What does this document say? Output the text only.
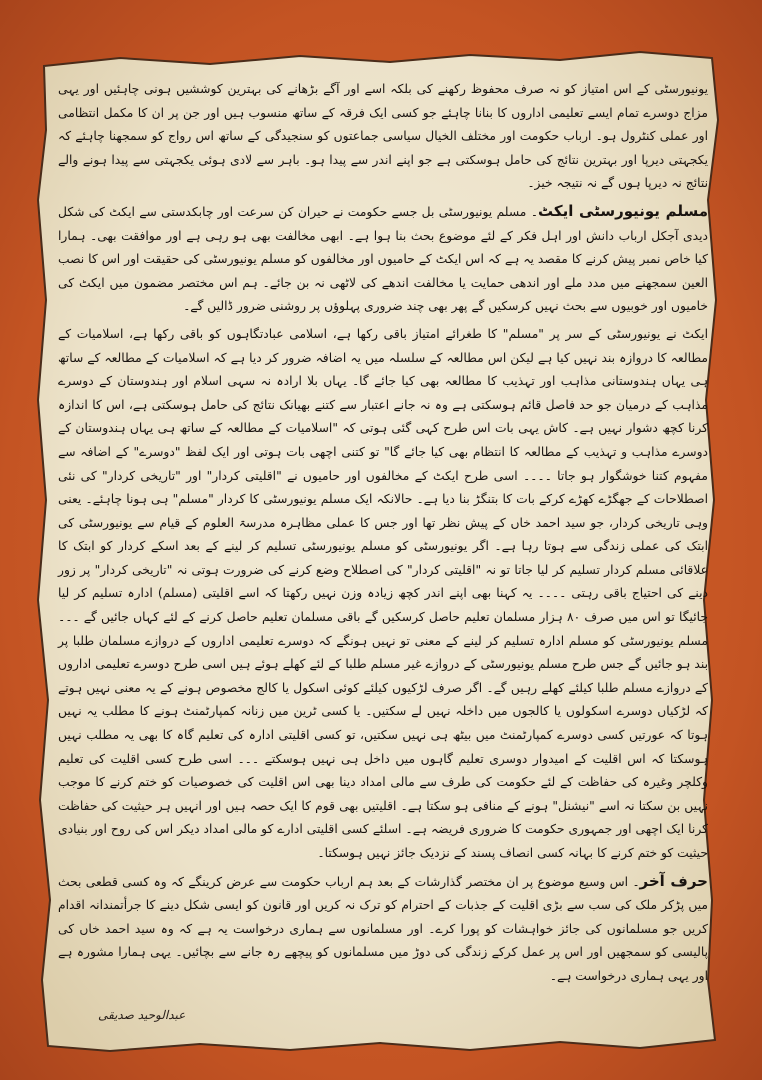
یونیورسٹی کے اس امتیاز کو نہ صرف محفوظ رکھنے کی بلکہ اسے اور آگے بڑھانے کی بہترین کوششیں ہونی چاہئیں اور یہی مزاج دوسرے تمام ایسے تعلیمی اداروں کا بنانا چاہئے جو کسی ایک فرقہ کے ساتھ منسوب ہیں اور جن پر ان کا مکمل انتظامی اور عملی کنٹرول ہو۔ ارباب حکومت اور مختلف الخیال سیاسی جماعتوں کو سنجیدگی کے ساتھ اس رواج کو سمجھنا چاہئے کہ یکجہتی دیرپا اور بہترین نتائج کی حامل ہوسکتی ہے جو اپنے اندر سے پیدا ہو۔ باہر سے لادی ہوئی یکجہتی سے پیدا ہونے والے نتائج نہ دیرپا ہوں گے نہ نتیجہ خیز۔

مسلم یونیورسٹی ایکٹ۔ مسلم یونیورسٹی بل جسے حکومت نے حیران کن سرعت اور چابکدستی سے ایکٹ کی شکل دیدی آجکل ارباب دانش اور اہل فکر کے لئے موضوع بحث بنا ہوا ہے۔ ابھی مخالفت بھی ہو رہی ہے اور موافقت بھی۔ ہمارا کیا خاص نمبر پیش کرنے کا مقصد یہ ہے کہ اس ایکٹ کے حامیوں اور مخالفوں کو مسلم یونیورسٹی کی حقیقت اور اس کا نصب العین سمجھنے میں مدد ملے اور اندھی حمایت یا مخالفت اندھے کی لاٹھی نہ بن جائے۔ ہم اس مختصر مضمون میں ایکٹ کی خامیوں اور خوبیوں سے بحث نہیں کرسکیں گے پھر بھی چند ضروری پہلوؤں پر روشنی ضرور ڈالیں گے۔

ایکٹ نے یونیورسٹی کے سر پر "مسلم" کا طغرائے امتیاز باقی رکھا ہے، اسلامی عبادتگاہوں کو باقی رکھا ہے، اسلامیات کے مطالعہ کا دروازہ بند نہیں کیا ہے لیکن اس مطالعہ کے سلسلہ میں یہ اضافہ ضرور کر دیا ہے کہ اسلامیات کے مطالعہ کے ساتھ ہی یہاں ہندوستانی مذاہب اور تہذیب کا مطالعہ بھی کیا جائے گا۔ یہاں بلا ارادہ نہ سہی اسلام اور ہندوستان کے دوسرے مذاہب کے درمیان جو حد فاصل قائم ہوسکتی ہے وہ نہ جانے اعتبار سے کتنے بھیانک نتائج کی حامل ہوسکتی ہے، اس کا اندازہ کرنا کچھ دشوار نہیں ہے۔ کاش یہی بات اس طرح کہی گئی ہوتی کہ "اسلامیات کے مطالعہ کے ساتھ ہی یہاں ہندوستان کے دوسرے مذاہب و تہذیب کے مطالعہ کا انتظام بھی کیا جائے گا" تو کتنی اچھی بات ہوتی اور ایک لفظ "دوسرے" کے اضافہ سے مفہوم کتنا خوشگوار ہو جاتا ۔۔۔۔ اسی طرح ایکٹ کے مخالفوں اور حامیوں نے "اقلیتی کردار" اور "تاریخی کردار" کی نئی اصطلاحات کے جھگڑے کھڑے کرکے بات کا بتنگڑ بنا دیا ہے۔ حالانکہ ایک مسلم یونیورسٹی کا کردار "مسلم" ہی ہونا چاہئے۔ یعنی وہی تاریخی کردار، جو سید احمد خاں کے پیش نظر تھا اور جس کا عملی مظاہرہ مدرسۃ العلوم کے قیام سے یونیورسٹی کی ابتک کی عملی زندگی سے ہوتا رہا ہے۔ اگر یونیورسٹی کو مسلم یونیورسٹی تسلیم کر لینے کے بعد اسکے کردار کو ابتک کا علاقائی مسلم کردار تسلیم کر لیا جاتا تو نہ "اقلیتی کردار" کی اصطلاح وضع کرنے کی ضرورت ہوتی نہ "تاریخی کردار" پر زور دینے کی احتیاج باقی رہتی ۔۔۔۔ یہ کہنا بھی اپنے اندر کچھ زیادہ وزن نہیں رکھتا کہ اسے اقلیتی (مسلم) ادارہ تسلیم کر لیا جائیگا تو اس میں صرف ۸۰ ہزار مسلمان تعلیم حاصل کرسکیں گے باقی مسلمان تعلیم حاصل کرنے کے لئے کہاں جائیں گے ۔۔۔ مسلم یونیورسٹی کو مسلم ادارہ تسلیم کر لینے کے معنی تو نہیں ہونگے کہ دوسرے تعلیمی اداروں کے دروازے مسلمان طلبا پر بند ہو جائیں گے جس طرح مسلم یونیورسٹی کے دروازے غیر مسلم طلبا کے لئے کھلے ہوئے ہیں اسی طرح دوسرے تعلیمی اداروں کے دروازے مسلم طلبا کیلئے کھلے رہیں گے۔ اگر صرف لڑکیوں کیلئے کوئی اسکول یا کالج مخصوص ہونے کے یہ معنی نہیں ہوتے کہ لڑکیاں دوسرے اسکولوں یا کالجوں میں داخلہ نہیں لے سکتیں۔ یا کسی ٹرین میں زنانہ کمپارٹمنٹ ہونے کا مطلب یہ نہیں ہوتا کہ عورتیں کسی دوسرے کمپارٹمنٹ میں بیٹھ ہی نہیں سکتیں، تو کسی اقلیتی ادارہ کی تعلیم گاہ کا بھی یہ مطلب نہیں ہوسکتا کہ اس اقلیت کے امیدوار دوسری تعلیم گاہوں میں داخل ہی نہیں ہوسکتے ۔۔۔ اسی طرح کسی اقلیت کی تعلیم وکلچر وغیرہ کی حفاظت کے لئے حکومت کی طرف سے مالی امداد دینا بھی اس اقلیت کی خصوصیات کو ختم کرنے کا موجب نہیں بن سکتا نہ اسے "نیشنل" ہونے کے منافی ہو سکتا ہے۔ اقلیتیں بھی قوم کا ایک حصہ ہیں اور انہیں ہر حیثیت کی حفاظت کرنا ایک اچھی اور جمہوری حکومت کا ضروری فریضہ ہے۔ اسلئے کسی اقلیتی ادارے کو مالی امداد دیکر اس کی روح اور بنیادی حیثیت کو ختم کرنے کا بہانہ کسی انصاف پسند کے نزدیک جائز نہیں ہوسکتا۔

حرف آخر۔ اس وسیع موضوع پر ان مختصر گذارشات کے بعد ہم ارباب حکومت سے عرض کرینگے کہ وہ کسی قطعی بحث میں پڑکر ملک کی سب سے بڑی اقلیت کے جذبات کے احترام کو ترک نہ کریں اور قانون کو ایسی شکل دینے کا جرأتمندانہ اقدام کریں جو مسلمانوں کی جائز خواہشات کو پورا کرے۔ اور مسلمانوں سے ہماری درخواست یہ ہے کہ وہ سید احمد خاں کی پالیسی کو سمجھیں اور اس پر عمل کرکے زندگی کی دوڑ میں مسلمانوں کو پیچھے رہ جانے سے بچائیں۔ یہی ہمارا مشورہ ہے اور یہی ہماری درخواست ہے۔

عبدالوحید صدیقی
